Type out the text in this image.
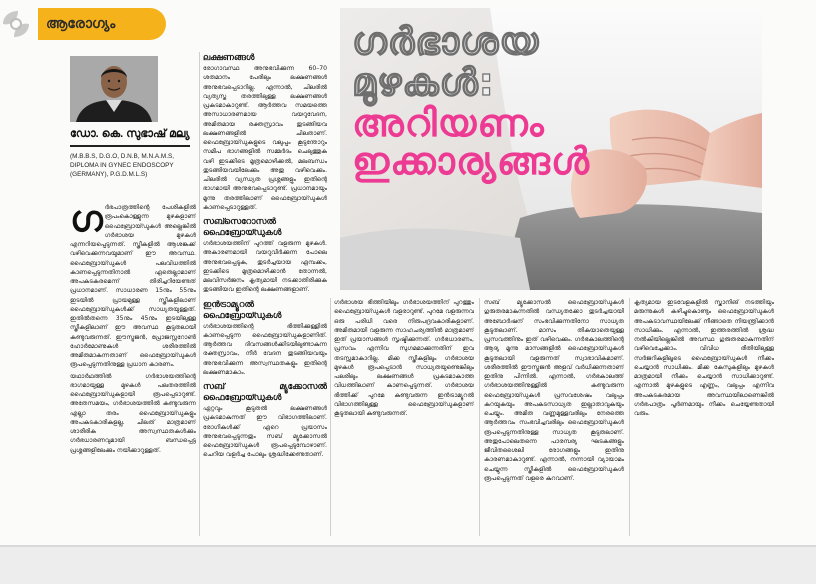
ആരോഗ്യം
ഡോ. കെ. സുഭാഷ് മല്യ
(M.B.B.S, D.G.O, D.N.B, M.N.A.M.S, DIPLOMA IN GYNEC ENDOSCOPY (GERMANY), P.G.D.M.L.S)
ഗ ർഭപാത്രത്തിന്റെ പേശികളിൽ രൂപംകൊള്ളുന്ന മുഴകളാണ് ഫൈബ്രോയ്ഡുകൾ അല്ലെങ്കിൽ ഗർഭാശയ മുഴകൾ എന്നറിയപ്പെടുന്നത്. സ്ത്രീകളിൽ ആശങ്കക്ക് വഴിവെക്കുന്നവയുമാണ് ഈ അവസ്ഥ. ഫൈബ്രോയ്ഡുകൾ പലവിധത്തിൽ കാണപ്പെടുന്നതിനാൽ ഏതെല്ലാമാണ് അപകടകരമെന്ന് തിരിച്ചറിയേണ്ടത് പ്രധാനമാണ്. സാധാരണ 15നും 55നും ഇടയിൽ പ്രായമുള്ള സ്ത്രീകളിലാണ് ഫൈബ്രോയ്ഡുകൾക്ക് സാധ്യതയുള്ളത്. ഇതിൽതന്നെ 35നും 45നും ഇടയിലുള്ള സ്ത്രീകളിലാണ് ഈ അവസ്ഥ കൂടുതലായി കണ്ടുവരുന്നത്. ഈസ്ട്രജൻ, പ്രോജസ്റ്ററോൺ ഹോർമോണുകൾ ശരീരത്തിൽ അമിതമാകുന്നതാണ് ഫൈബ്രോയ്ഡുകൾ രൂപപ്പെടുന്നതിനുള്ള പ്രധാന കാരണം.

യഥാർഥത്തിൽ ഗർഭാശയത്തിന്റെ ഭാഗമായുള്ള മുഴകൾ പലതരത്തിൽ ഫൈബ്രോയ്ഡുകളായി രൂപപ്പെടാറുണ്ട്. അതേസമയം, ഗർഭാശയത്തിൽ കണ്ടുവരുന്ന എല്ലാ തരം ഫൈബ്രോയ്ഡുകളും അപകടകാരികളല്ല. ചിലത് മാത്രമാണ് ശാരീരിക അസ്വസ്ഥതകൾക്കും ഗർഭധാരണവുമായി ബന്ധപ്പെട്ട പ്രശ്നങ്ങളിലേക്കും നയിക്കാറുള്ളത്.

ലക്ഷണങ്ങൾ

രോഗാവസ്ഥ അനുഭവിക്കുന്ന 60–70 ശതമാനം പേരിലും ലക്ഷണങ്ങൾ അനുഭവപ്പെടാറില്ല. എന്നാൽ, ചിലരിൽ വ്യത്യസ്ത തരത്തിലുള്ള ലക്ഷണങ്ങൾ പ്രകടമാകാറുണ്ട്. ആർത്തവ സമയത്തെ അസാധാരണമായ വയറുവേദന, അമിതമായ രക്തസ്രാവം തുടങ്ങിയവ ലക്ഷണങ്ങളിൽ ചിലതാണ്. ഫൈബ്രോയ്ഡുകളുടെ വലുപ്പം കൂടുന്തോറും സമീപ ഭാഗങ്ങളിൽ സമ്മർദം ചെലുത്തുക വഴി ഇടക്കിടെ മൂത്രമൊഴിക്കൽ, മലബന്ധം തുടങ്ങിയവയിലേക്കും അതു വഴിവെക്കും. ചിലരിൽ വ്യന്ധ്യത പ്രശ്നങ്ങളും ഇതിന്റെ ഭാഗമായി അനുഭവപ്പെടാറുണ്ട്. പ്രധാനമായും മൂന്നു തരത്തിലാണ് ഫൈബ്രോയ്ഡുകൾ കാണപ്പെടാറുള്ളത്.

സബ്സെറോസൽ ഫൈബ്രോയ്ഡുകൾ

ഗർഭാശയത്തിന് പുറത്ത് വളരുന്ന മുഴകൾ. അകാരണമായി വയറുവീർക്കുന്ന പോലെ അനുഭവപ്പെടുക, തുടർച്ചയായ ഏമ്പക്കം, ഇടക്കിടെ മൂത്രമൊഴിക്കാൻ തോന്നൽ, മലവിസർജനം കൃത്യമായി നടക്കാതിരിക്കുക തുടങ്ങിയവ ഇതിന്റെ ലക്ഷണങ്ങളാണ്.

ഇൻട്രാമ്യൂറൽ ഫൈബ്രോയ്ഡുകൾ

ഗർഭാശയത്തിന്റെ ഭിത്തിക്കുള്ളിൽ കാണപ്പെടുന്ന ഫൈബ്രോയ്ഡുകളാണിത്. ആർത്തവ ദിവസങ്ങൾക്കിടയിലുണ്ടാകുന്ന രക്തസ്രാവം, നീർ വേദന തുടങ്ങിയവയും അനുഭവിക്കുന്ന അസ്വസ്ഥതകളും ഇതിന്റെ ലക്ഷണമാകാം.

സബ് മ്യൂക്കോസൽ ഫൈബ്രോയ്ഡുകൾ

ഏറ്റവും കൂടുതൽ ലക്ഷണങ്ങൾ പ്രകടമാകുന്നത് ഈ വിഭാഗത്തിലാണ്. രോഗികൾക്ക് ഏറെ പ്രയാസം അനുഭവപ്പെടുന്നതും സബ് മ്യൂക്കോസൽ ഫൈബ്രോയ്ഡുകൾ രൂപപ്പെടുമ്പോഴാണ്. ചെറിയ വളർച്ച പോലും ശ്രദ്ധിക്കേണ്ടതാണ്.

ഗർഭാശയ
മുഴകൾ:
അറിയണം
ഇക്കാര്യങ്ങൾ

ഗർഭാശയ ഭിത്തിയിലും ഗർഭാശയത്തിന് പുറത്തും ഫൈബ്രോയ്ഡുകൾ വളരാറുണ്ട്. പുറമേ വളരുന്നവ ഒരു പരിധി വരെ നിരുപദ്രവകാരികളാണ്. അമിതമായി വളരുന്ന സാഹചര്യത്തിൽ മാത്രമാണ് ഇത് പ്രയാസങ്ങൾ സൃഷ്ടിക്കുന്നത്. ഗർഭധാരണം, പ്രസവം എന്നിവ സുഗമമാക്കുന്നതിന് ഇവ തടസ്സമാകാറില്ല. മിക്ക സ്ത്രീകളിലും ഗർഭാശയ മുഴകൾ രൂപപ്പെടാൻ സാധ്യതയുണ്ടെങ്കിലും പലരിലും ലക്ഷണങ്ങൾ പ്രകടമാകാത്ത വിധത്തിലാണ് കാണപ്പെടുന്നത്. ഗർഭാശയ ഭിത്തിക്ക് പുറമേ കണ്ടുവരുന്ന ഇൻട്രാമ്യൂറൽ വിഭാഗത്തിലുള്ള ഫൈബ്രോയ്ഡുകളാണ് കൂടുതലായി കണ്ടുവരുന്നത്.

സബ് മ്യൂക്കോസൽ ഫൈബ്രോയ്ഡുകൾ ഗുരുതരമാകുന്നതിൽ വന്ധ്യതക്കോ തുടർച്ചയായി അബോർഷന് സംഭവിക്കുന്നതിനോ സാധ്യത കൂടുതലാണ്. മാസം തികയാതെയുള്ള പ്രസവത്തിനും ഇത് വഴിവെക്കും. ഗർഭകാലത്തിന്റെ ആദ്യ മൂന്നു മാസങ്ങളിൽ ഫൈബ്രോയ്ഡുകൾ കൂടുതലായി വളരുന്നത് സ്വാഭാവികമാണ്. ശരീരത്തിൽ ഈസ്ട്രജൻ അളവ് വർധിക്കുന്നതാണ് ഇതിനു പിന്നിൽ. എന്നാൽ, ഗർഭകാലത്ത് ഗർഭാശയത്തിനുള്ളിൽ കണ്ടുവരുന്ന ഫൈബ്രോയ്ഡുകൾ പ്രസവശേഷം വലുപ്പം കുറയുകയും അപകടസാധ്യത ഇല്ലാതാവുകയും ചെയ്യും. അമിത വണ്ണമുള്ളവരിലും നേരത്തെ ആർത്തവം സംഭവിച്ചവരിലും ഫൈബ്രോയ്ഡുകൾ രൂപപ്പെടുന്നതിനുള്ള സാധ്യത കൂടുതലാണ്. അതുപോലെതന്നെ പാരമ്പര്യ ഘടകങ്ങളും ജീവിതശൈലി രോഗങ്ങളും ഇതിനു കാരണമാകാറുണ്ട്. എന്നാൽ, നന്നായി വ്യായാമം ചെയ്യുന്ന സ്ത്രീകളിൽ ഫൈബ്രോയ്ഡുകൾ രൂപപ്പെടുന്നത് വളരെ കുറവാണ്.

കൃത്യമായ ഇടവേളകളിൽ സ്കാനിങ് നടത്തിയും മരുന്നുകൾ കഴിച്ചുകൊണ്ടും ഫൈബ്രോയ്ഡുകൾ അപകടാവസ്ഥയിലേക്ക് നീങ്ങാതെ നിയന്ത്രിക്കാൻ സാധിക്കും. എന്നാൽ, ഇത്തരത്തിൽ ശ്രദ്ധ നൽകിയില്ലെങ്കിൽ അവസ്ഥ ഗുരുതരമാകുന്നതിന് വഴിവെച്ചേക്കാം. വിവിധ രീതിയിലുള്ള സർജറികളിലൂടെ ഫൈബ്രോയ്ഡുകൾ നീക്കം ചെയ്യാൻ സാധിക്കും. മിക്ക കേസുകളിലും മുഴകൾ മാത്രമായി നീക്കം ചെയ്യാൻ സാധിക്കാറുണ്ട്. എന്നാൽ മുഴകളുടെ എണ്ണം, വലുപ്പം എന്നിവ അപകടകരമായ അവസ്ഥയിലാണെങ്കിൽ ഗർഭപാത്രം പൂർണമായും നീക്കം ചെയ്യേണ്ടതായി വരും.
